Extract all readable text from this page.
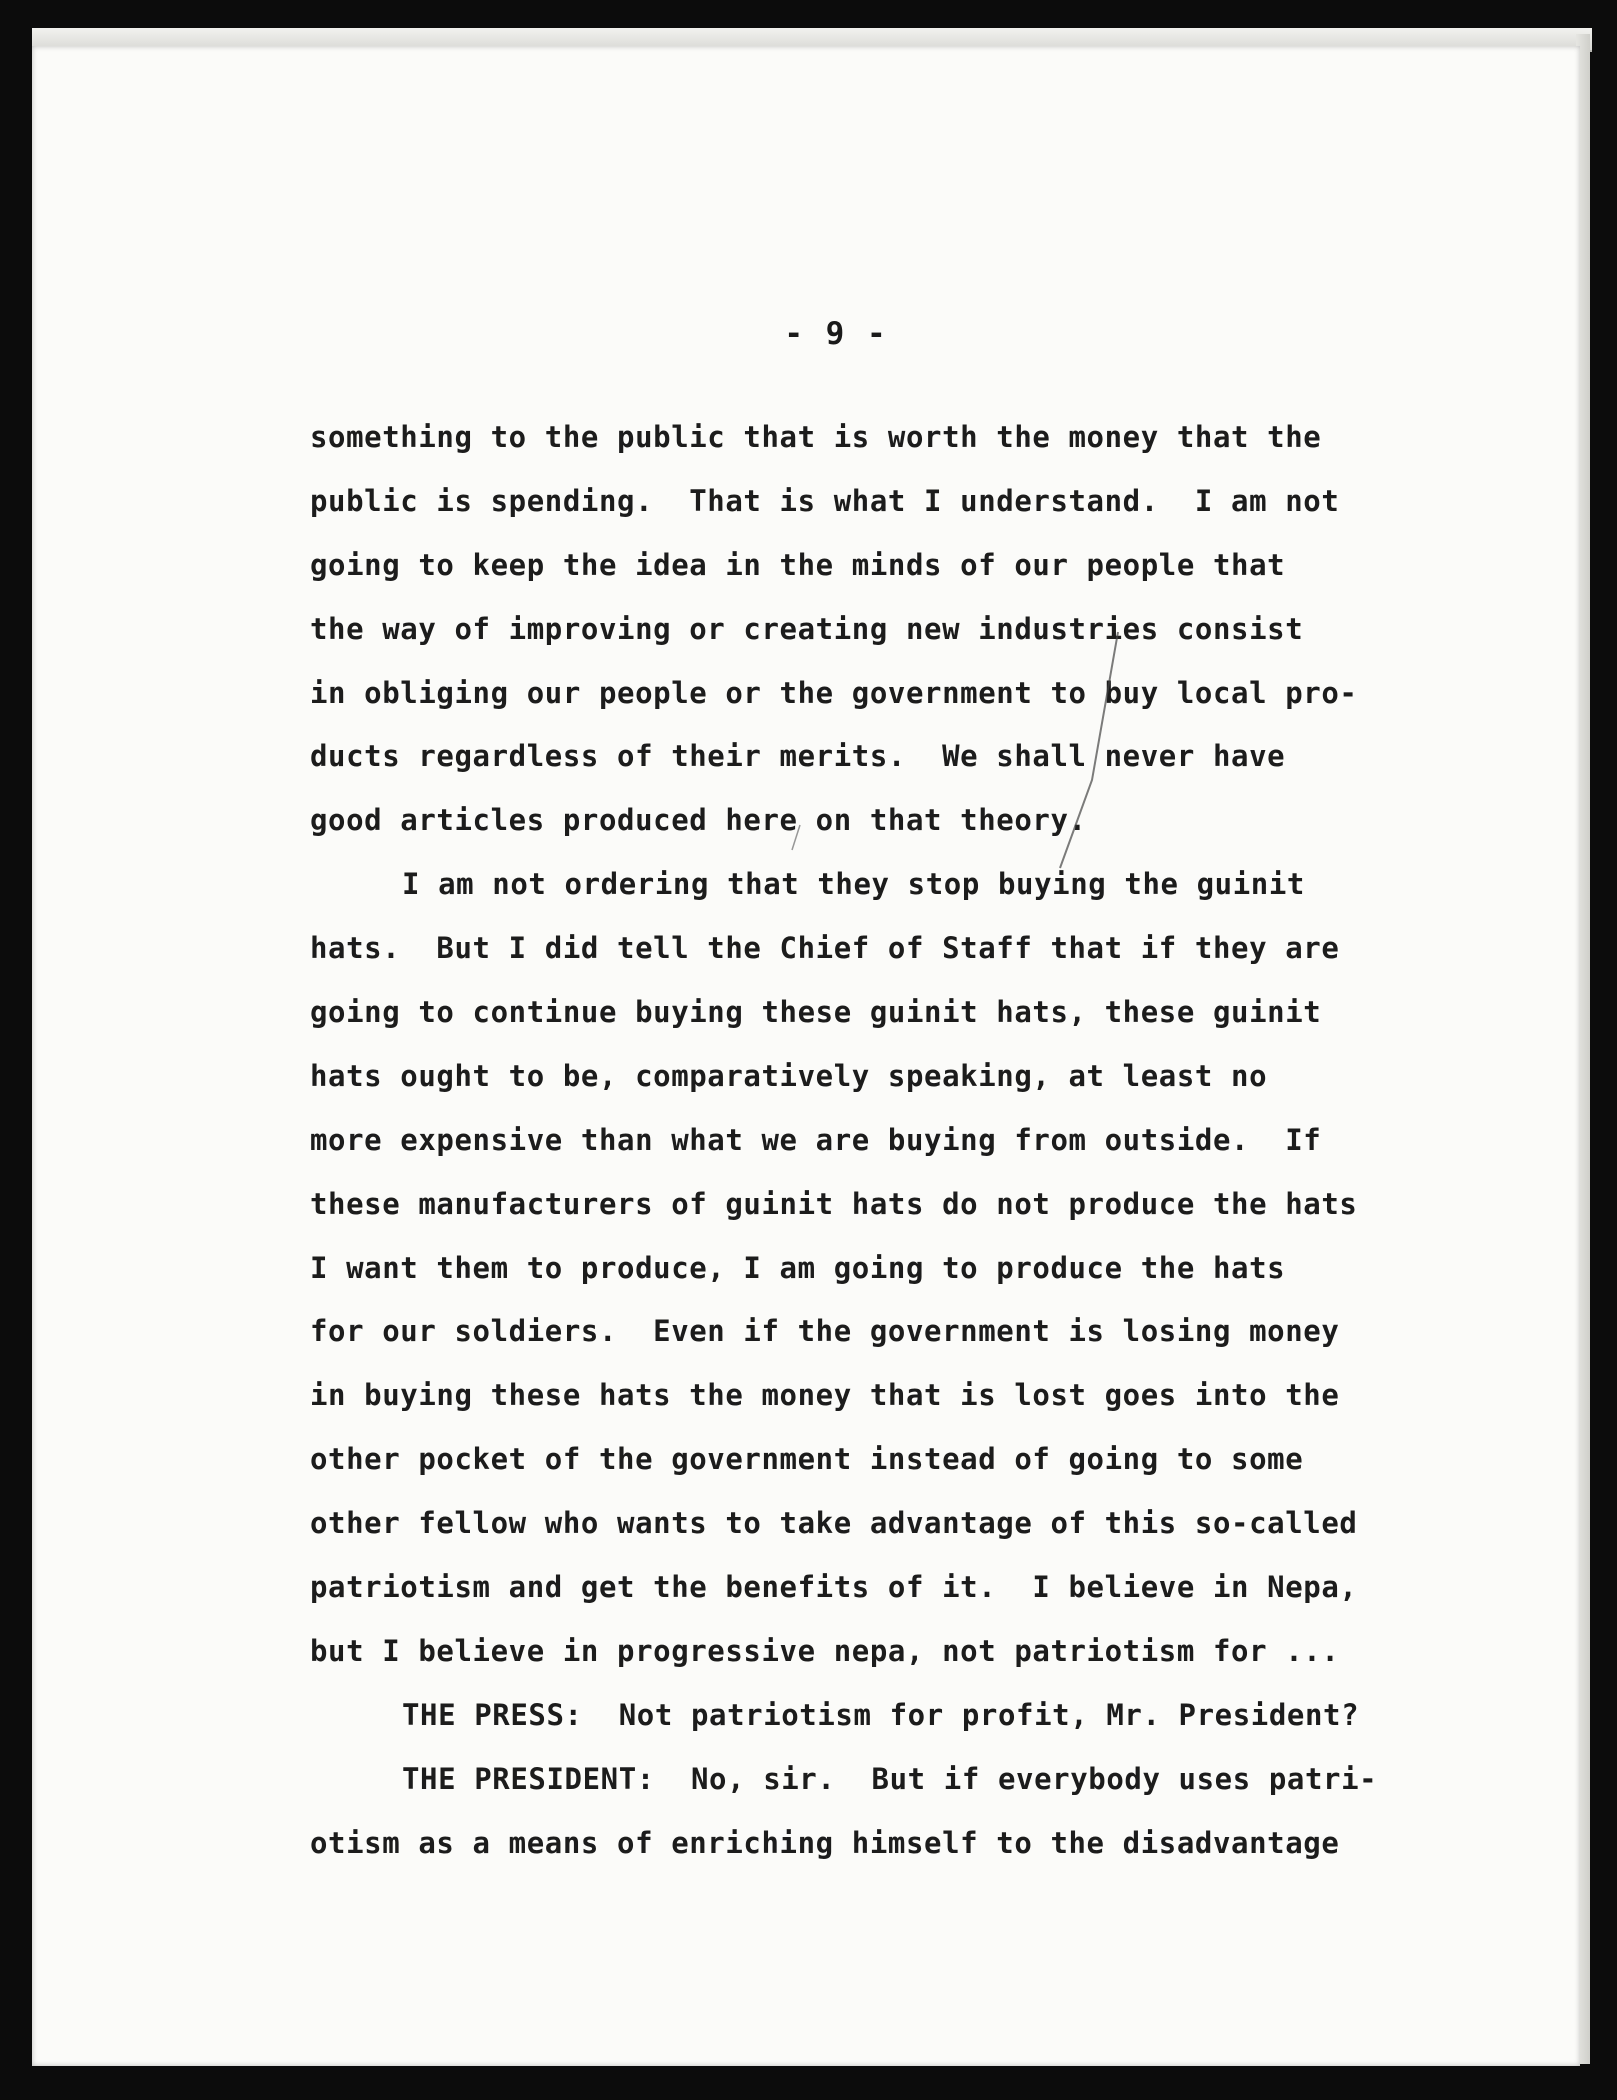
- 9 -
something to the public that is worth the money that the
public is spending.  That is what I understand.  I am not
going to keep the idea in the minds of our people that
the way of improving or creating new industries consist
in obliging our people or the government to buy local pro-
ducts regardless of their merits.  We shall never have
good articles produced here on that theory.
I am not ordering that they stop buying the guinit
hats.  But I did tell the Chief of Staff that if they are
going to continue buying these guinit hats, these guinit
hats ought to be, comparatively speaking, at least no
more expensive than what we are buying from outside.  If
these manufacturers of guinit hats do not produce the hats
I want them to produce, I am going to produce the hats
for our soldiers.  Even if the government is losing money
in buying these hats the money that is lost goes into the
other pocket of the government instead of going to some
other fellow who wants to take advantage of this so-called
patriotism and get the benefits of it.  I believe in Nepa,
but I believe in progressive nepa, not patriotism for ...
THE PRESS:  Not patriotism for profit, Mr. President?
THE PRESIDENT:  No, sir.  But if everybody uses patri-
otism as a means of enriching himself to the disadvantage
